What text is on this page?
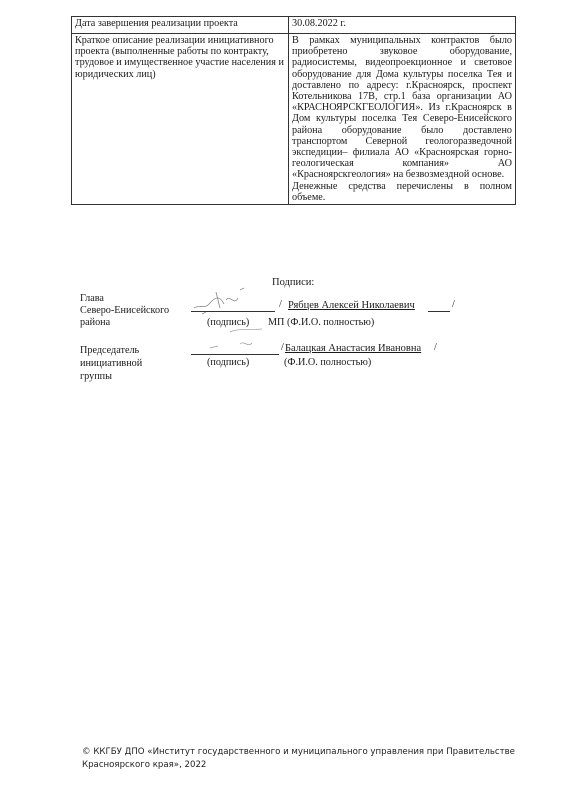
Дата завершения реализации проекта	30.08.2022 г.
Краткое описание реализации инициативного проекта (выполненные работы по контракту, трудовое и имущественное участие населения и юридических лиц)	В рамках муниципальных контрактов было приобретено звуковое оборудование, радиосистемы, видеопроекционное и световое оборудование для Дома культуры поселка Тея и доставлено по адресу: г.Красноярск, проспект Котельникова 17В, стр.1 база организации АО «КРАСНОЯРСКГЕОЛОГИЯ». Из г.Красноярск в Дом культуры поселка Тея Северо-Енисейского района оборудование было доставлено транспортом Северной геологоразведочной экспедиции– филиала АО «Красноярская горно-геологическая компания» АО «Красноярскгеология» на безвозмездной основе.

Денежные средства перечислены в полном объеме.

Подписи:
Глава
Северо-Енисейского
района
/ Рябцев Алексей Николаевич	/
(подпись) МП (Ф.И.О. полностью)
Председатель
инициативной
группы
/ Балацкая Анастасия Ивановна /
(подпись)	(Ф.И.О. полностью)
© ККГБУ ДПО «Институт государственного и муниципального управления при Правительстве
Красноярского края», 2022
